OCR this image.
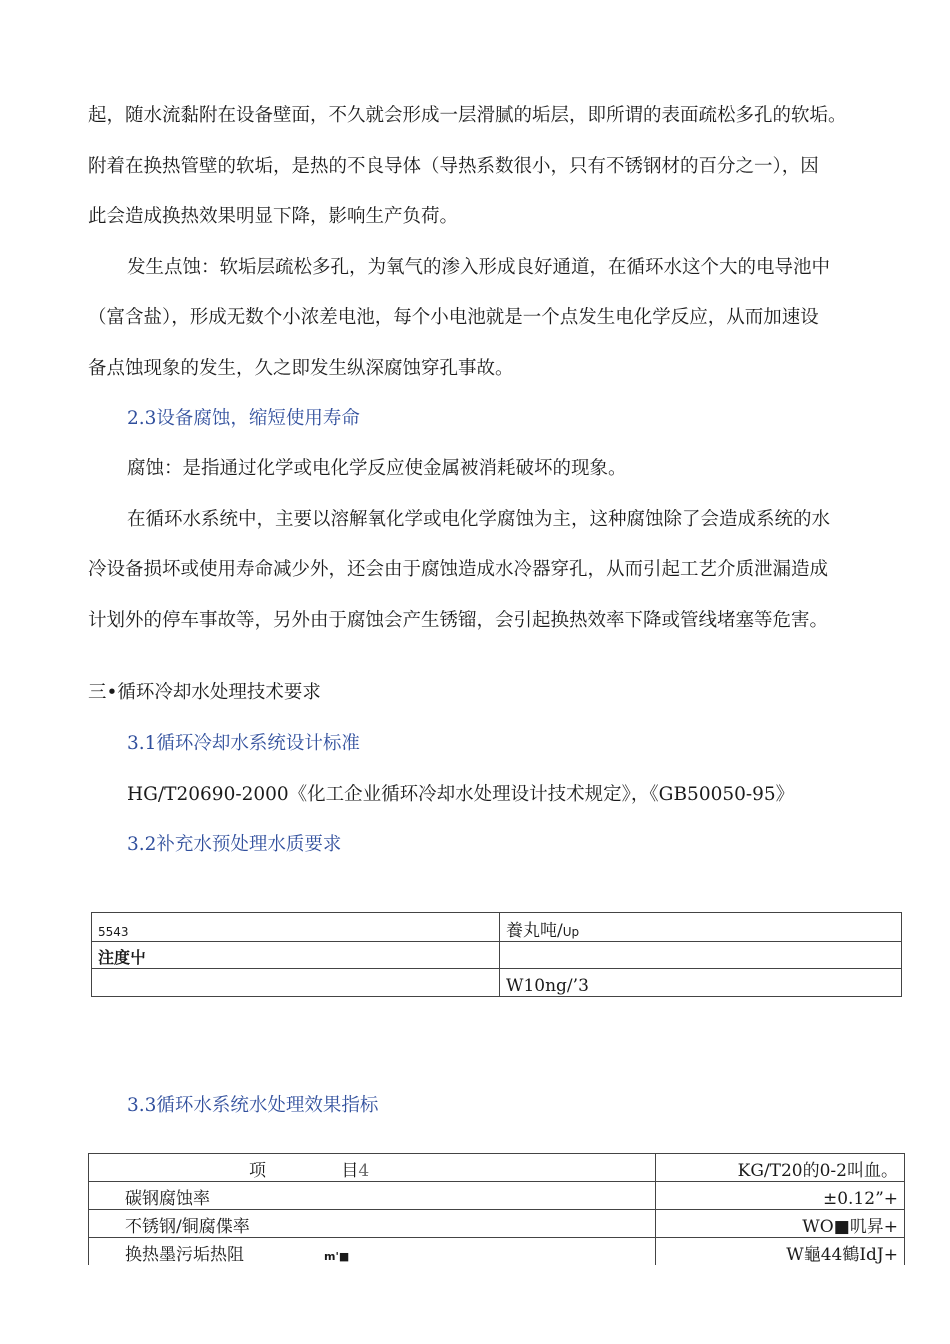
起，随水流黏附在设备壁面，不久就会形成一层滑腻的垢层，即所谓的表面疏松多孔的软垢。
附着在换热管壁的软垢，是热的不良导体（导热系数很小，只有不锈钢材的百分之一），因
此会造成换热效果明显下降，影响生产负荷。
发生点蚀：软垢层疏松多孔，为氧气的渗入形成良好通道，在循环水这个大的电导池中
（富含盐），形成无数个小浓差电池，每个小电池就是一个点发生电化学反应，从而加速设
备点蚀现象的发生，久之即发生纵深腐蚀穿孔事故。
2.3设备腐蚀，缩短使用寿命
腐蚀：是指通过化学或电化学反应使金属被消耗破坏的现象。
在循环水系统中，主要以溶解氧化学或电化学腐蚀为主，这种腐蚀除了会造成系统的水
冷设备损坏或使用寿命减少外，还会由于腐蚀造成水冷器穿孔，从而引起工艺介质泄漏造成
计划外的停车事故等，另外由于腐蚀会产生锈镏，会引起换热效率下降或管线堵塞等危害。
三•循环冷却水处理技术要求
3.1循环冷却水系统设计标准
HG/T20690-2000《化工企业循环冷却水处理设计技术规定》，《GB50050-95》
3.2补充水预处理水质要求
5543	養丸吨/Up
注度屮	
	W10ng/’3
3.3循环水系统水处理效果指标
项 目4	KG/T20的0-2叫血。
碳钢腐蚀率	±0.12”+
不锈钢/铜腐偞率	WO■叽昇+
换热墨污垢热阻 m'■	W龜44鶴IdJ+
